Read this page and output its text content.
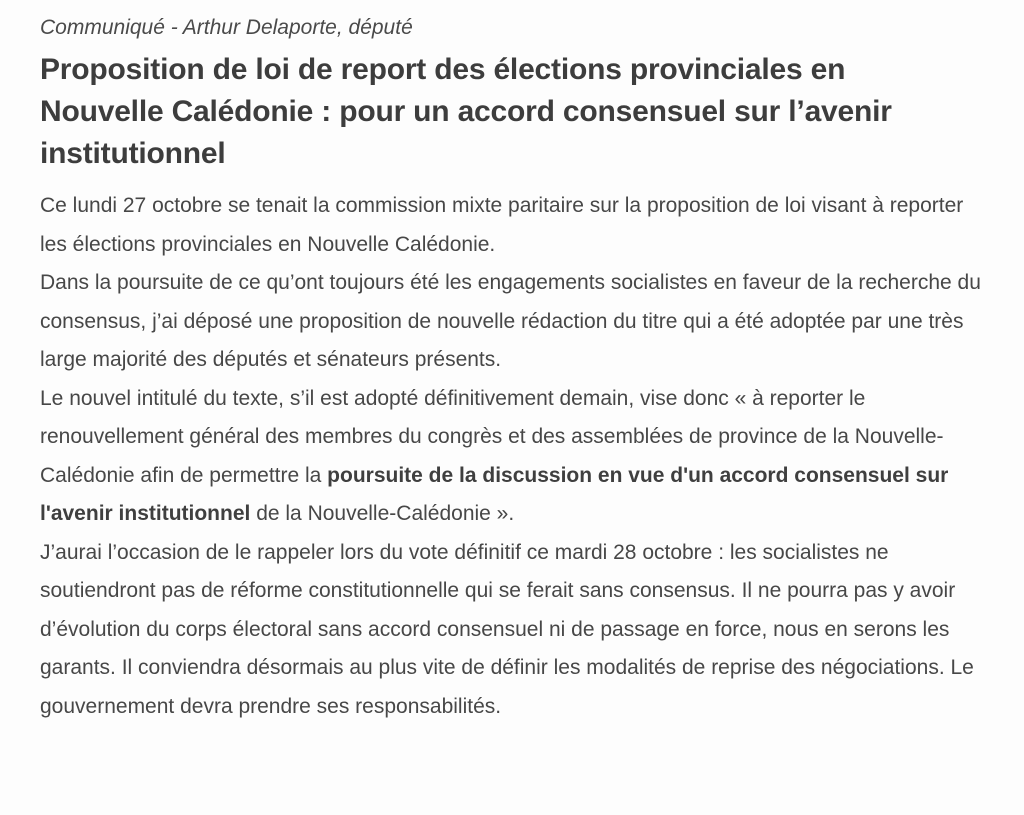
Communiqué - Arthur Delaporte, député

Proposition de loi de report des élections provinciales en Nouvelle Calédonie : pour un accord consensuel sur l’avenir institutionnel

Ce lundi 27 octobre se tenait la commission mixte paritaire sur la proposition de loi visant à reporter les élections provinciales en Nouvelle Calédonie.

Dans la poursuite de ce qu’ont toujours été les engagements socialistes en faveur de la recherche du consensus, j’ai déposé une proposition de nouvelle rédaction du titre qui a été adoptée par une très large majorité des députés et sénateurs présents.

Le nouvel intitulé du texte, s’il est adopté définitivement demain, vise donc « à reporter le renouvellement général des membres du congrès et des assemblées de province de la Nouvelle-Calédonie afin de permettre la poursuite de la discussion en vue d'un accord consensuel sur l'avenir institutionnel de la Nouvelle-Calédonie ».

J’aurai l’occasion de le rappeler lors du vote définitif ce mardi 28 octobre : les socialistes ne soutiendront pas de réforme constitutionnelle qui se ferait sans consensus. Il ne pourra pas y avoir d’évolution du corps électoral sans accord consensuel ni de passage en force, nous en serons les garants. Il conviendra désormais au plus vite de définir les modalités de reprise des négociations. Le gouvernement devra prendre ses responsabilités.
